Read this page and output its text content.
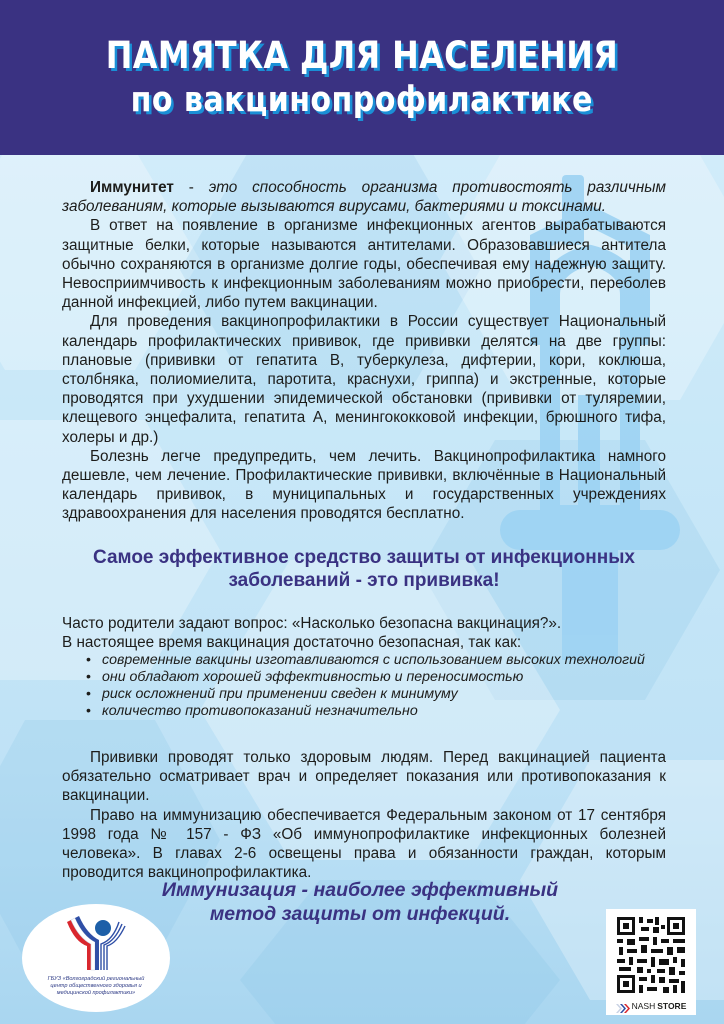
ПАМЯТКА ДЛЯ НАСЕЛЕНИЯ
по вакцинопрофилактике

Иммунитет - это способность организма противостоять различным заболеваниям, которые вызываются вирусами, бактериями и токсинами.

В ответ на появление в организме инфекционных агентов вырабатываются защитные белки, которые называются антителами. Образовавшиеся антитела обычно сохраняются в организме долгие годы, обеспечивая ему надежную защиту. Невосприимчивость к инфекционным заболеваниям можно приобрести, переболев данной инфекцией, либо путем вакцинации.

Для проведения вакцинопрофилактики в России существует Национальный календарь профилактических прививок, где прививки делятся на две группы: плановые (прививки от гепатита В, туберкулеза, дифтерии, кори, коклюша, столбняка, полиомиелита, паротита, краснухи, гриппа) и экстренные, которые проводятся при ухудшении эпидемической обстановки (прививки от туляремии, клещевого энцефалита, гепатита А, менингококковой инфекции, брюшного тифа, холеры и др.)

Болезнь легче предупредить, чем лечить. Вакцинопрофилактика намного дешевле, чем лечение. Профилактические прививки, включённые в Национальный календарь прививок, в муниципальных и государственных учреждениях здравоохранения для населения проводятся бесплатно.

Самое эффективное средство защиты от инфекционных
заболеваний - это прививка!

Часто родители задают вопрос: «Насколько безопасна вакцинация?».

В настоящее время вакцинация достаточно безопасная, так как:

• современные вакцины изготавливаются с использованием высоких технологий
• они обладают хорошей эффективностью и переносимостью
• риск осложнений при применении сведен к минимуму
• количество противопоказаний незначительно

Прививки проводят только здоровым людям. Перед вакцинацией пациента обязательно осматривает врач и определяет показания или противопоказания к вакцинации.

Право на иммунизацию обеспечивается Федеральным законом от 17 сентября 1998 года № 157 - ФЗ «Об иммунопрофилактике инфекционных болезней человека». В главах 2-6 освещены права и обязанности граждан, которым проводится вакцинопрофилактика.

Иммунизация - наиболее эффективный
метод защиты от инфекций.
ГБУЗ «Волгоградский региональный центр общественного здоровья и медицинской профилактики»
NASH STORE
